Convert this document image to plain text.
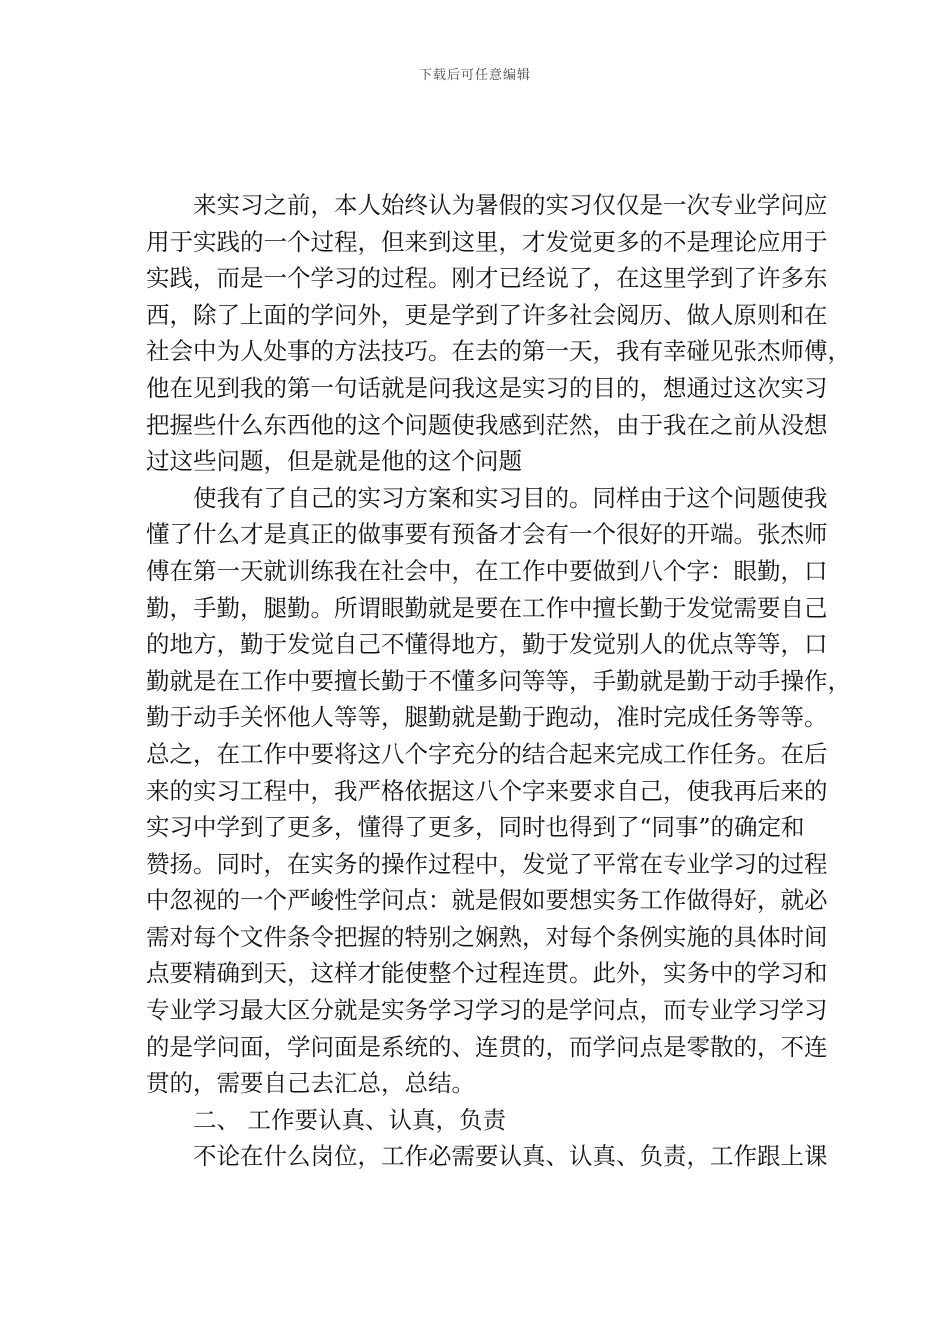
下载后可任意编辑
来实习之前，本人始终认为暑假的实习仅仅是一次专业学问应
用于实践的一个过程，但来到这里，才发觉更多的不是理论应用于
实践，而是一个学习的过程。刚才已经说了，在这里学到了许多东
西，除了上面的学问外，更是学到了许多社会阅历、做人原则和在
社会中为人处事的方法技巧。在去的第一天，我有幸碰见张杰师傅，
他在见到我的第一句话就是问我这是实习的目的，想通过这次实习
把握些什么东西他的这个问题使我感到茫然，由于我在之前从没想
过这些问题，但是就是他的这个问题
使我有了自己的实习方案和实习目的。同样由于这个问题使我
懂了什么才是真正的做事要有预备才会有一个很好的开端。张杰师
傅在第一天就训练我在社会中，在工作中要做到八个字：眼勤，口
勤，手勤，腿勤。所谓眼勤就是要在工作中擅长勤于发觉需要自己
的地方，勤于发觉自己不懂得地方，勤于发觉别人的优点等等，口
勤就是在工作中要擅长勤于不懂多问等等，手勤就是勤于动手操作，
勤于动手关怀他人等等，腿勤就是勤于跑动，准时完成任务等等。
总之，在工作中要将这八个字充分的结合起来完成工作任务。在后
来的实习工程中，我严格依据这八个字来要求自己，使我再后来的
实习中学到了更多，懂得了更多，同时也得到了“同事”的确定和
赞扬。同时，在实务的操作过程中，发觉了平常在专业学习的过程
中忽视的一个严峻性学问点：就是假如要想实务工作做得好，就必
需对每个文件条令把握的特别之娴熟，对每个条例实施的具体时间
点要精确到天，这样才能使整个过程连贯。此外，实务中的学习和
专业学习最大区分就是实务学习学习的是学问点，而专业学习学习
的是学问面，学问面是系统的、连贯的，而学问点是零散的，不连
贯的，需要自己去汇总，总结。
二、 工作要认真、认真，负责
不论在什么岗位，工作必需要认真、认真、负责，工作跟上课
